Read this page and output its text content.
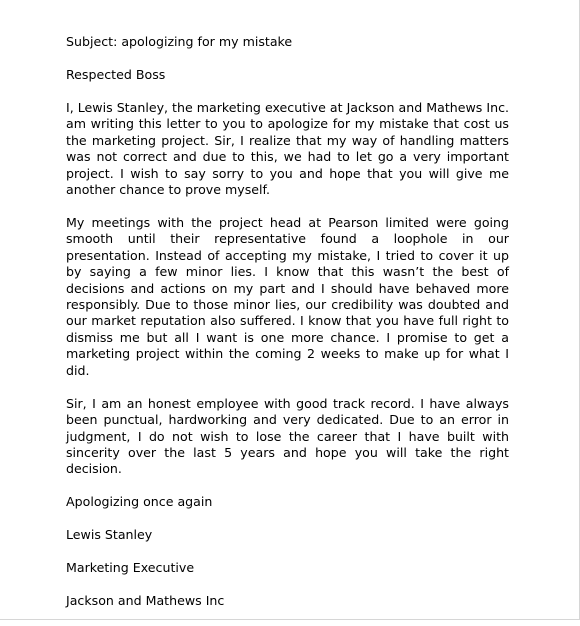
Subject: apologizing for my mistake
Respected Boss
I, Lewis Stanley, the marketing executive at Jackson and Mathews Inc. am writing this letter to you to apologize for my mistake that cost us the marketing project. Sir, I realize that my way of handling matters was not correct and due to this, we had to let go a very important project. I wish to say sorry to you and hope that you will give me another chance to prove myself.
My meetings with the project head at Pearson limited were going smooth until their representative found a loophole in our presentation. Instead of accepting my mistake, I tried to cover it up by saying a few minor lies. I know that this wasn’t the best of decisions and actions on my part and I should have behaved more responsibly. Due to those minor lies, our credibility was doubted and our market reputation also suffered. I know that you have full right to dismiss me but all I want is one more chance. I promise to get a marketing project within the coming 2 weeks to make up for what I did.
Sir, I am an honest employee with good track record. I have always been punctual, hardworking and very dedicated. Due to an error in judgment, I do not wish to lose the career that I have built with sincerity over the last 5 years and hope you will take the right decision.
Apologizing once again
Lewis Stanley
Marketing Executive
Jackson and Mathews Inc
